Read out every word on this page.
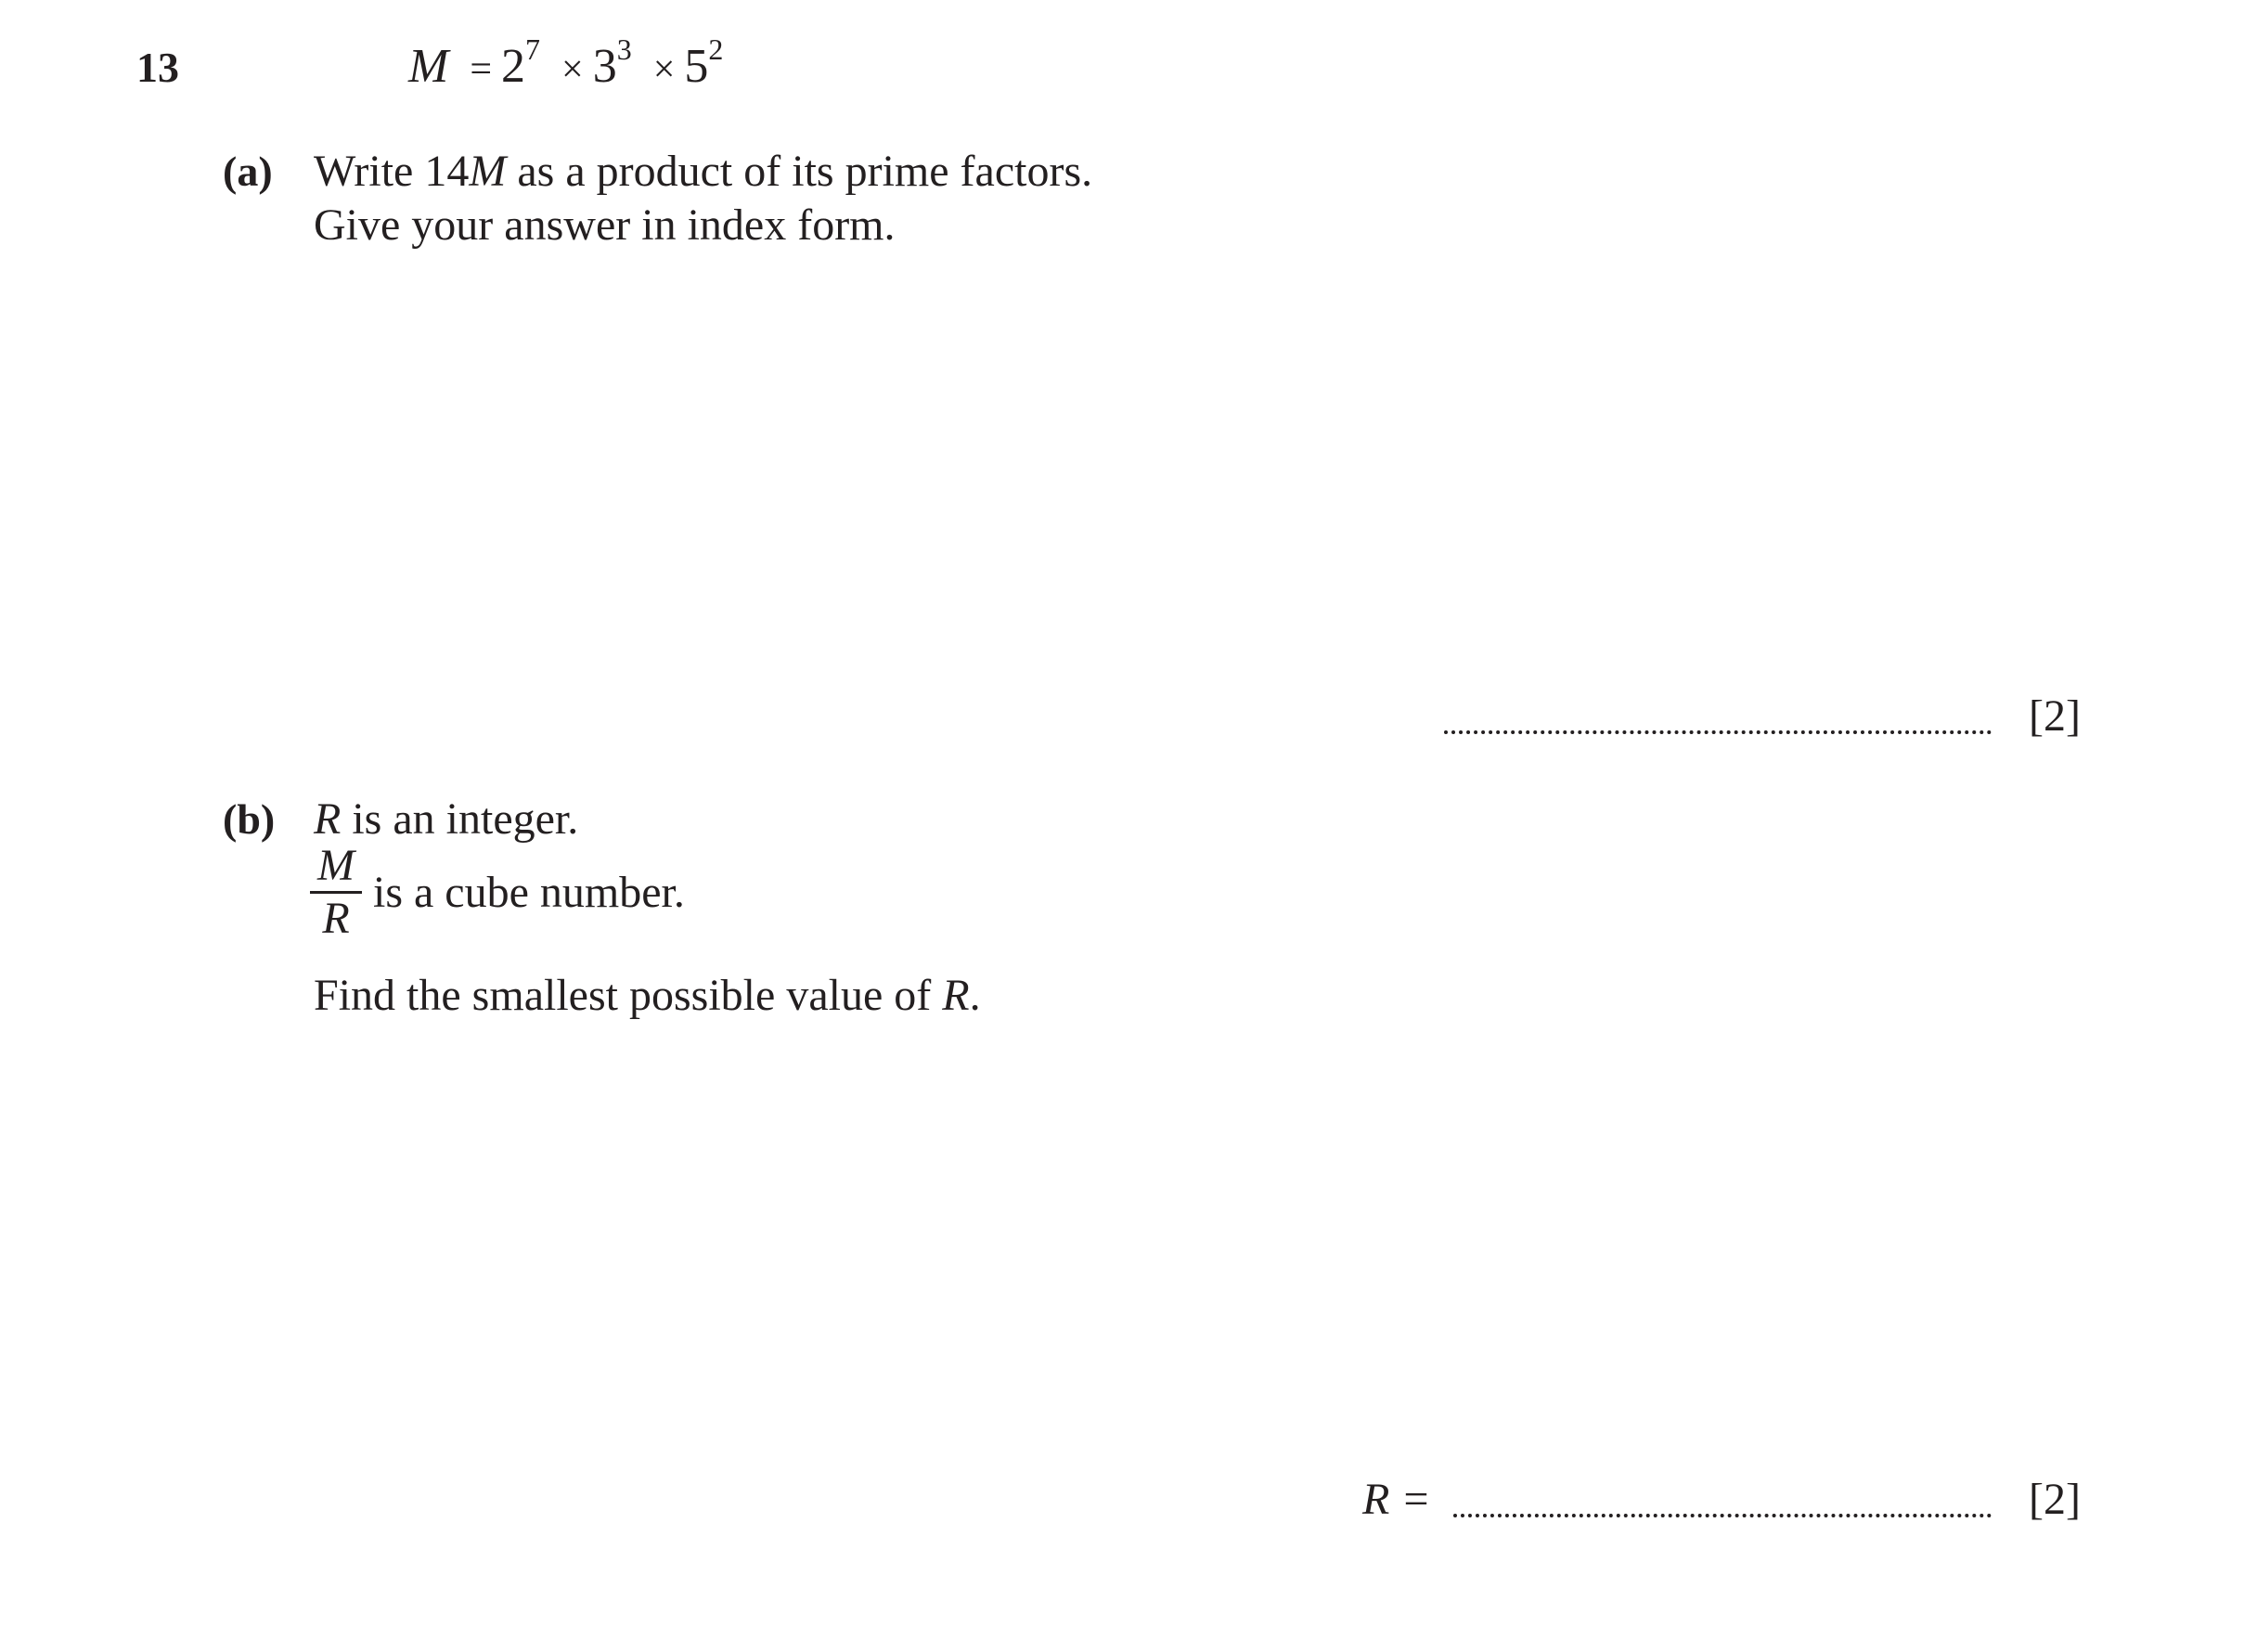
13	$M = 2^7 \times 3^3 \times 5^2$
(a) Write 14M as a product of its prime factors.
Give your answer in index form.
[2]
(b) R is an integer.
$\frac{M}{R}$ is a cube number.
Find the smallest possible value of R.
R =	[2]
